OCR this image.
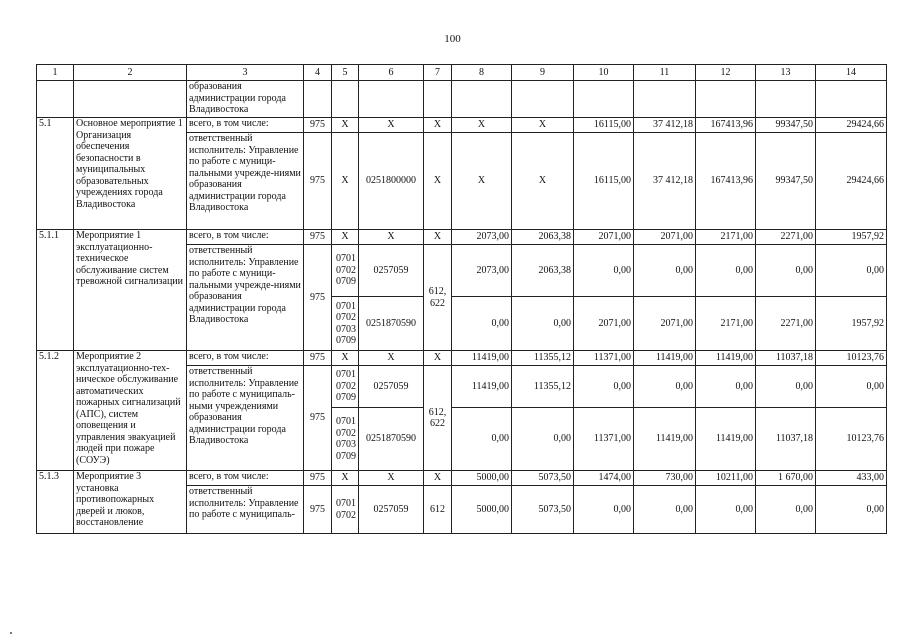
100
1	2	3	4	5	6	7	8	9	10	11	12	13	14
		образования администрации города Владивостока											
5.1	Основное мероприятие 1 Организация обеспечения безопасности в муниципальных образовательных учреждениях города Владивостока	всего, в том числе:	975	Х	Х	Х	Х	Х	16115,00	37 412,18	167413,96	99347,50	29424,66
		ответственный исполнитель: Управление по работе с муници-пальными учрежде-ниями образования администрации города Владивостока	975	Х	0251800000	Х	Х	Х	16115,00	37 412,18	167413,96	99347,50	29424,66
5.1.1	Мероприятие 1 эксплуатационно-техническое обслуживание систем тревожной сигнализации	всего, в том числе:	975	Х	Х	Х	2073,00	2063,38	2071,00	2071,00	2171,00	2271,00	1957,92
		ответственный исполнитель: Управление по работе с муници-пальными учрежде-ниями образования администрации города Владивостока	975	0701
0702
0709	0257059	612, 622	2073,00	2063,38	0,00	0,00	0,00	0,00	0,00
				0701
0702
0703
0709	0251870590		0,00	0,00	2071,00	2071,00	2171,00	2271,00	1957,92
5.1.2	Мероприятие 2 эксплуатационно-тех-ническое обслуживание автоматических пожарных сигнализаций (АПС), систем оповещения и управления эвакуацией людей при пожаре (СОУЭ)	всего, в том числе:	975	Х	Х	Х	11419,00	11355,12	11371,00	11419,00	11419,00	11037,18	10123,76
		ответственный исполнитель: Управление по работе с муниципаль-ными учреждениями образования администрации города Владивостока	975	0701
0702
0709	0257059	612, 622	11419,00	11355,12	0,00	0,00	0,00	0,00	0,00
				0701
0702
0703
0709	0251870590		0,00	0,00	11371,00	11419,00	11419,00	11037,18	10123,76
5.1.3	Мероприятие 3 установка противопожарных дверей и люков, восстановление	всего, в том числе:	975	Х	Х	Х	5000,00	5073,50	1474,00	730,00	10211,00	1 670,00	433,00
		ответственный исполнитель: Управление по работе с муниципаль-	975	0701
0702	0257059	612	5000,00	5073,50	0,00	0,00	0,00	0,00	0,00
